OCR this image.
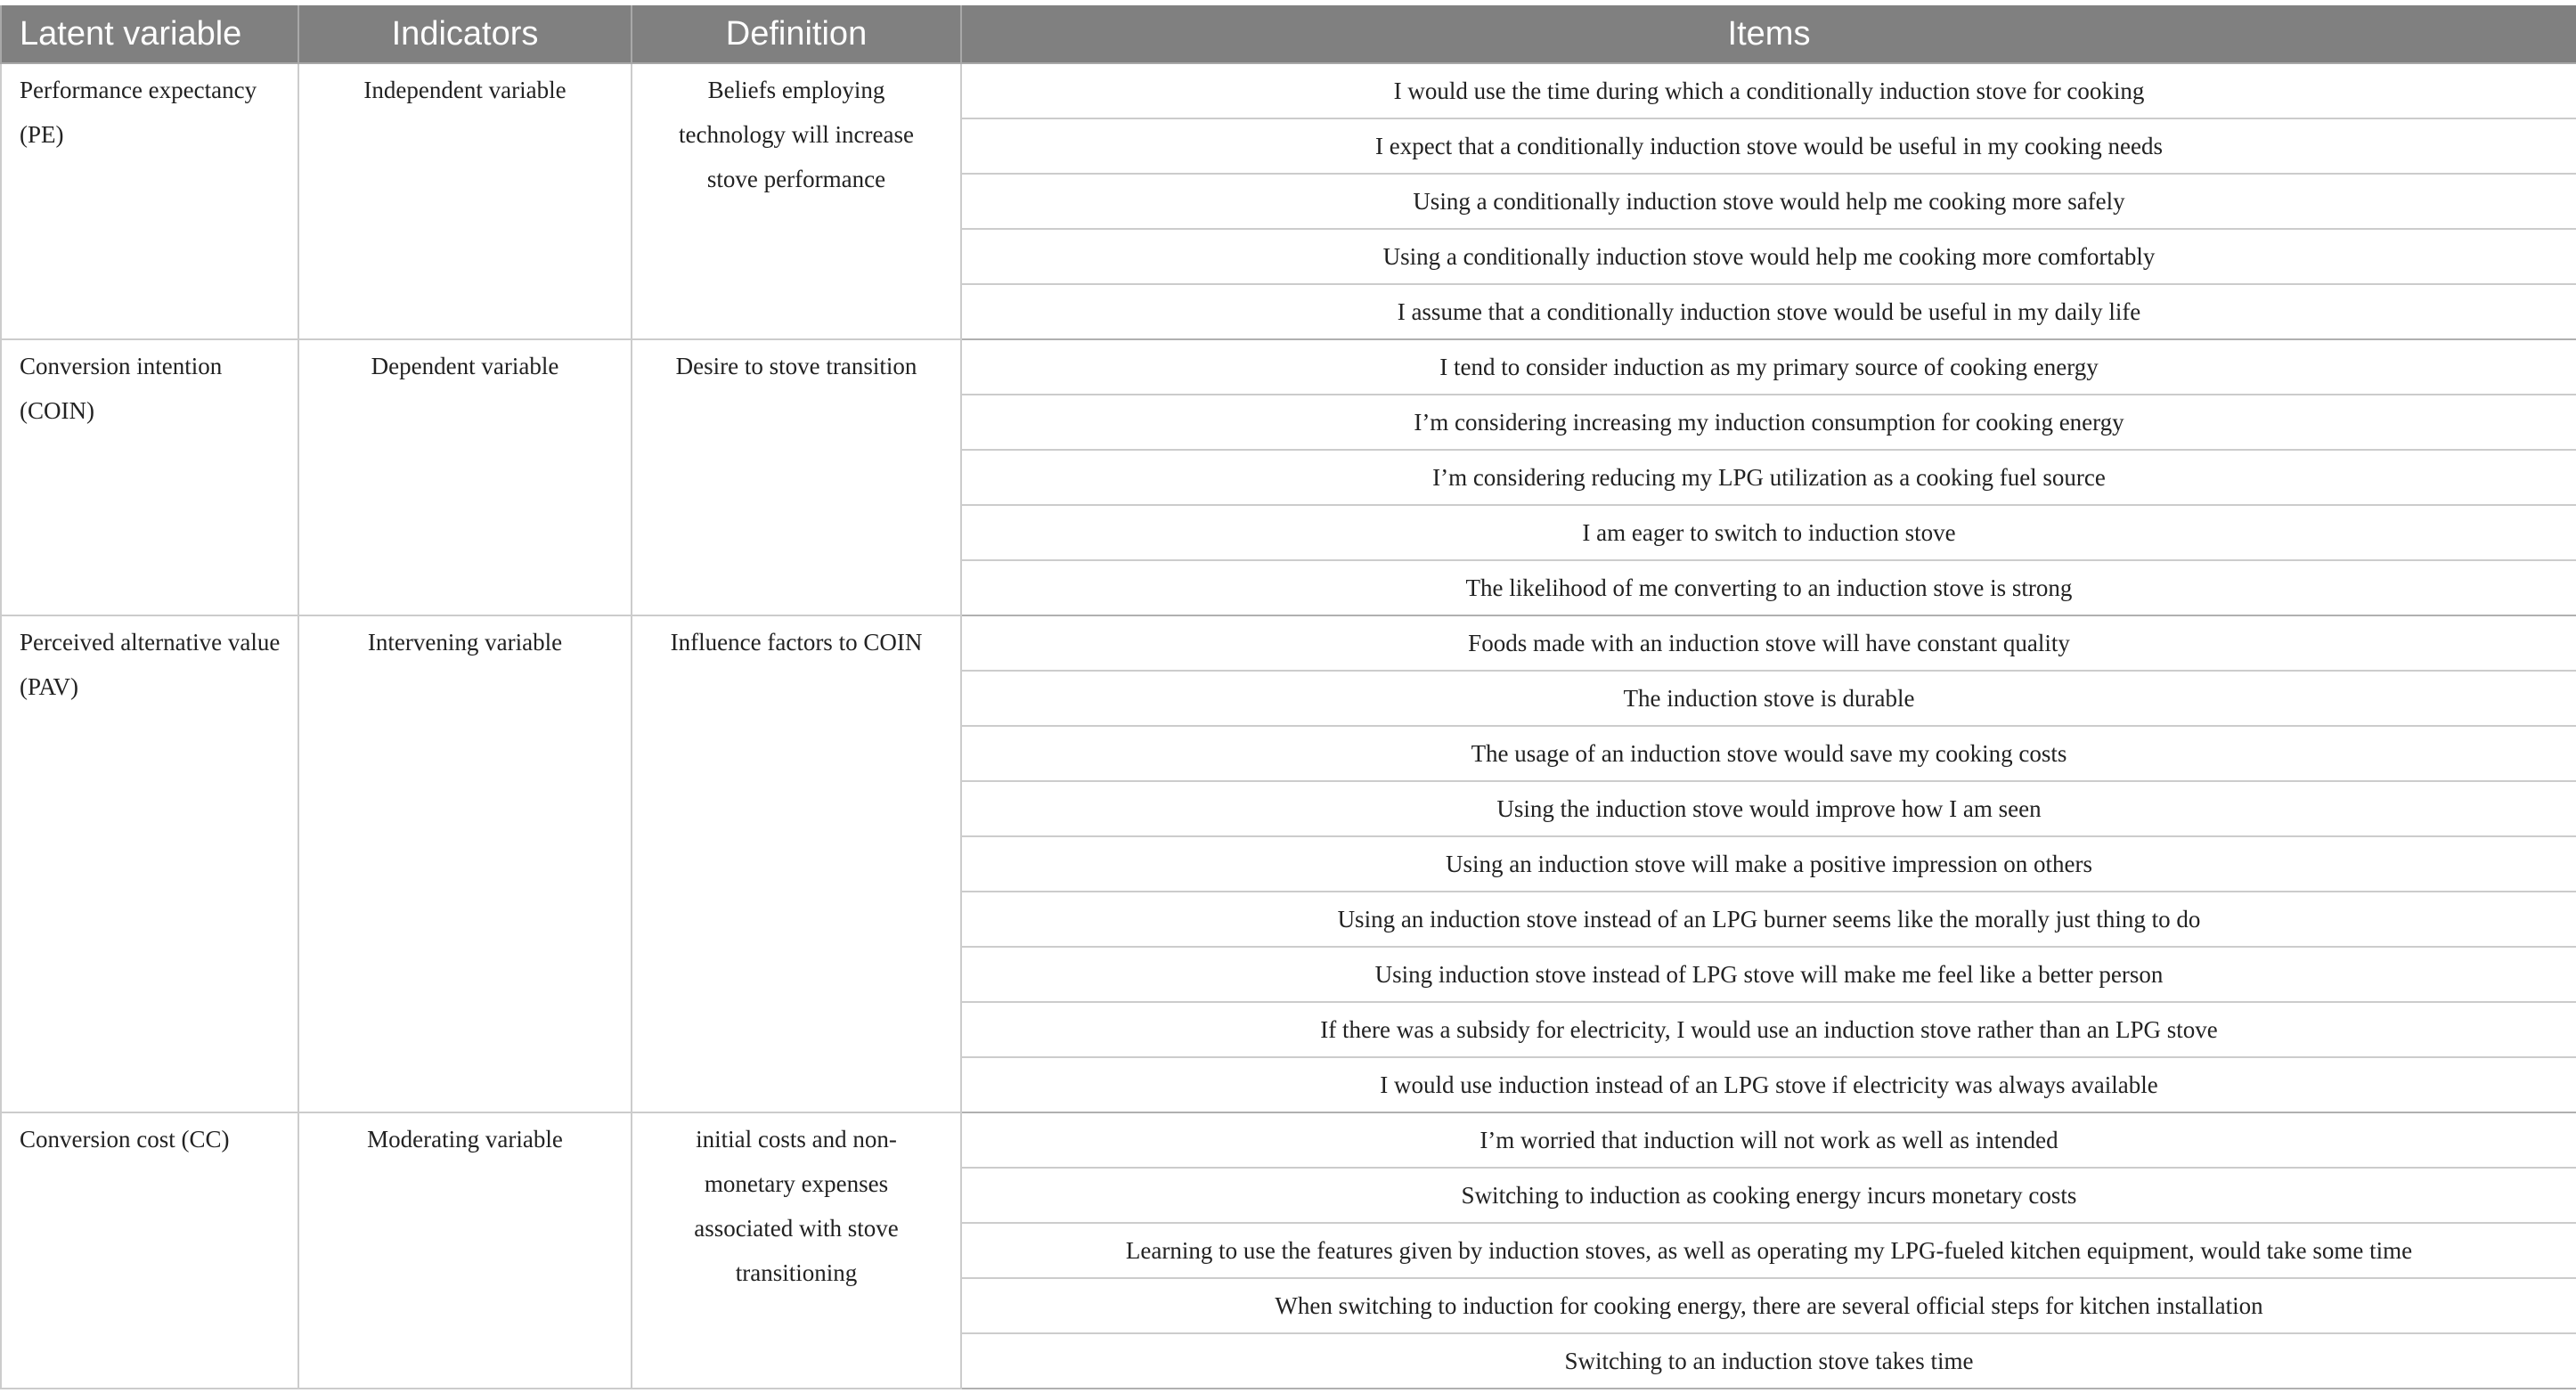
Latent variable	Indicators	Definition	Items
Performance expectancy (PE)	Independent variable	Beliefs employing technology will increase stove performance	I would use the time during which a conditionally induction stove for cooking
			I expect that a conditionally induction stove would be useful in my cooking needs
			Using a conditionally induction stove would help me cooking more safely
			Using a conditionally induction stove would help me cooking more comfortably
			I assume that a conditionally induction stove would be useful in my daily life
Conversion intention (COIN)	Dependent variable	Desire to stove transition	I tend to consider induction as my primary source of cooking energy
			I’m considering increasing my induction consumption for cooking energy
			I’m considering reducing my LPG utilization as a cooking fuel source
			I am eager to switch to induction stove
			The likelihood of me converting to an induction stove is strong
Perceived alternative value (PAV)	Intervening variable	Influence factors to COIN	Foods made with an induction stove will have constant quality
			The induction stove is durable
			The usage of an induction stove would save my cooking costs
			Using the induction stove would improve how I am seen
			Using an induction stove will make a positive impression on others
			Using an induction stove instead of an LPG burner seems like the morally just thing to do
			Using induction stove instead of LPG stove will make me feel like a better person
			If there was a subsidy for electricity, I would use an induction stove rather than an LPG stove
			I would use induction instead of an LPG stove if electricity was always available
Conversion cost (CC)	Moderating variable	initial costs and non-monetary expenses associated with stove transitioning	I’m worried that induction will not work as well as intended
			Switching to induction as cooking energy incurs monetary costs
			Learning to use the features given by induction stoves, as well as operating my LPG-fueled kitchen equipment, would take some time
			When switching to induction for cooking energy, there are several official steps for kitchen installation
			Switching to an induction stove takes time
